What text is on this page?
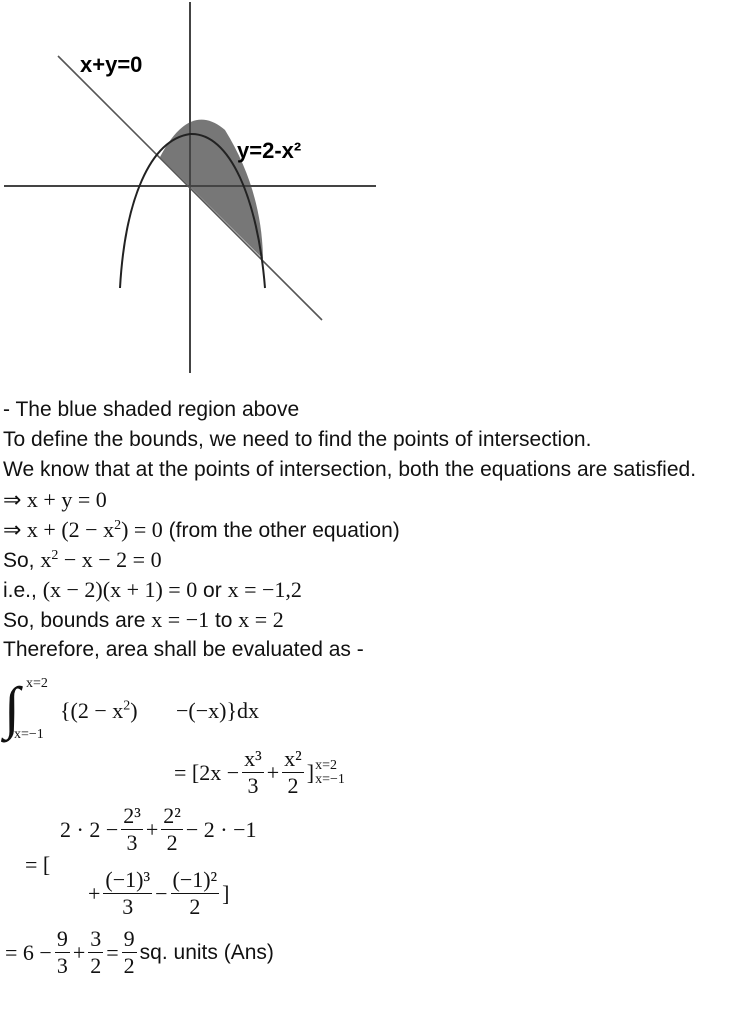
x+y=0
y=2-x²
- The blue shaded region above
To define the bounds, we need to find the points of intersection.
We know that at the points of intersection, both the equations are satisfied.
⇒ x + y = 0
⇒ $x + (2 - x^2) = 0$ (from the other equation)
So, $x^2 - x - 2 = 0$
i.e., (x − 2)(x + 1) = 0 or x = −1,2
So, bounds are x = −1 to x = 2
Therefore, area shall be evaluated as -
∫ x=2
x=−1
$\{(2 - x^2) -(-x)\}dx$
= [$2x - \frac{\text{x³}}{3} + \frac{\text{x²}}{2}$ ] x=2
x=−1
= [
$2 \cdot 2 - \frac{\text{2³}}{3} + \frac{\text{2²}}{2} - 2 \cdot -1$
+ $\frac{\text{(−1)³}}{3} - \frac{\text{(−1)²}}{2}$ ]
= $6 - \frac{9}{3} + \frac{3}{2} = \frac{9}{2}$ sq. units (Ans)
